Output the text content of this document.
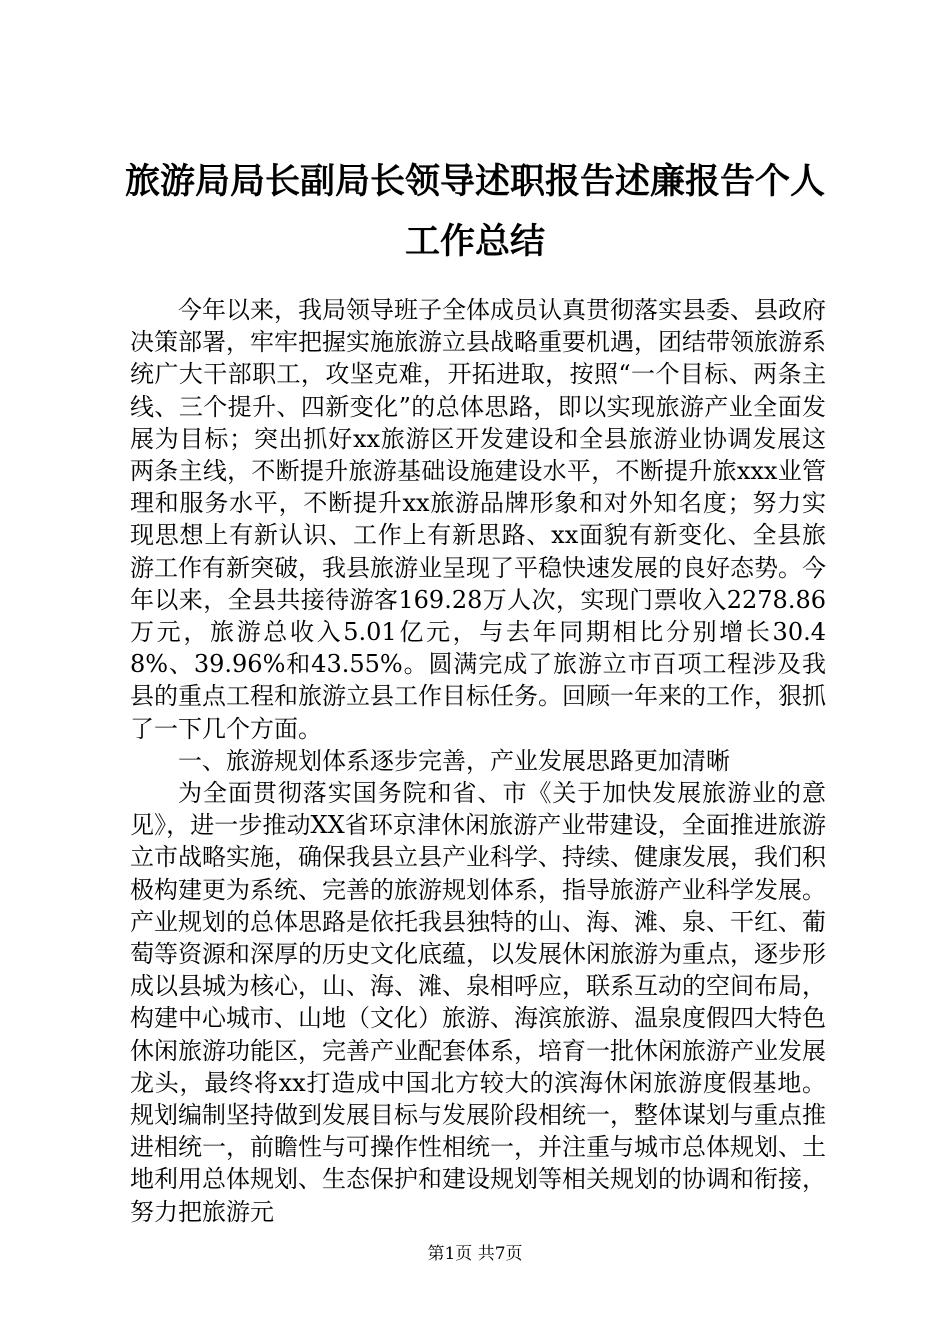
旅游局局长副局长领导述职报告述廉报告个人
工作总结

今年以来，我局领导班子全体成员认真贯彻落实县委、县政府决策部署，牢牢把握实施旅游立县战略重要机遇，团结带领旅游系统广大干部职工，攻坚克难，开拓进取，按照“一个目标、两条主线、三个提升、四新变化”的总体思路，即以实现旅游产业全面发展为目标；突出抓好xx旅游区开发建设和全县旅游业协调发展这两条主线，不断提升旅游基础设施建设水平，不断提升旅xxx业管理和服务水平，不断提升xx旅游品牌形象和对外知名度；努力实现思想上有新认识、工作上有新思路、xx面貌有新变化、全县旅游工作有新突破，我县旅游业呈现了平稳快速发展的良好态势。今年以来，全县共接待游客169.28万人次，实现门票收入2278.86万元，旅游总收入5.01亿元，与去年同期相比分别增长30.48%、39.96%和43.55%。圆满完成了旅游立市百项工程涉及我县的重点工程和旅游立县工作目标任务。回顾一年来的工作，狠抓了一下几个方面。

一、旅游规划体系逐步完善，产业发展思路更加清晰

为全面贯彻落实国务院和省、市《关于加快发展旅游业的意见》，进一步推动XX省环京津休闲旅游产业带建设，全面推进旅游立市战略实施，确保我县立县产业科学、持续、健康发展，我们积极构建更为系统、完善的旅游规划体系，指导旅游产业科学发展。产业规划的总体思路是依托我县独特的山、海、滩、泉、干红、葡萄等资源和深厚的历史文化底蕴，以发展休闲旅游为重点，逐步形成以县城为核心，山、海、滩、泉相呼应，联系互动的空间布局，构建中心城市、山地（文化）旅游、海滨旅游、温泉度假四大特色休闲旅游功能区，完善产业配套体系，培育一批休闲旅游产业发展龙头，最终将xx打造成中国北方较大的滨海休闲旅游度假基地。规划编制坚持做到发展目标与发展阶段相统一，整体谋划与重点推进相统一，前瞻性与可操作性相统一，并注重与城市总体规划、土地利用总体规划、生态保护和建设规划等相关规划的协调和衔接，努力把旅游元

第1页 共7页
